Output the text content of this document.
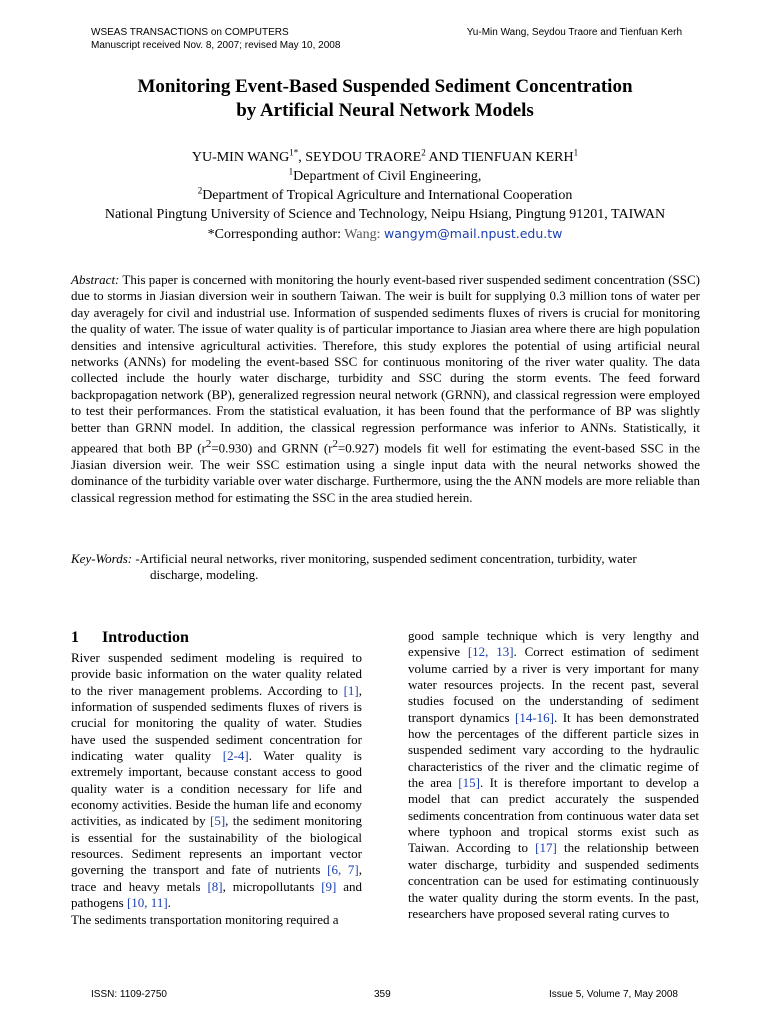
WSEAS TRANSACTIONS on COMPUTERS
Manuscript received Nov. 8, 2007; revised May 10, 2008
Yu-Min Wang, Seydou Traore and Tienfuan Kerh
Monitoring Event-Based Suspended Sediment Concentration
by Artificial Neural Network Models
YU-MIN $WANG^{1*}$, SEYDOU TRAORE$^2$ AND TIENFUAN KERH$^1$
$^1$Department of Civil Engineering,
$^2$Department of Tropical Agriculture and International Cooperation
National Pingtung University of Science and Technology, Neipu Hsiang, Pingtung 91201, TAIWAN
*Corresponding author: Wang: wangym@mail.npust.edu.tw

Abstract: This paper is concerned with monitoring the hourly event-based river suspended sediment concentration (SSC) due to storms in Jiasian diversion weir in southern Taiwan. The weir is built for supplying 0.3 million tons of water per day averagely for civil and industrial use. Information of suspended sediments fluxes of rivers is crucial for monitoring the quality of water. The issue of water quality is of particular importance to Jiasian area where there are high population densities and intensive agricultural activities. Therefore, this study explores the potential of using artificial neural networks (ANNs) for modeling the event-based SSC for continuous monitoring of the river water quality. The data collected include the hourly water discharge, turbidity and SSC during the storm events. The feed forward backpropagation network (BP), generalized regression neural network (GRNN), and classical regression were employed to test their performances. From the statistical evaluation, it has been found that the performance of BP was slightly better than GRNN model. In addition, the classical regression performance was inferior to ANNs. Statistically, it appeared that both BP $(r^2=0.930)$ and GRNN $(r^2=0.927)$ models fit well for estimating the event-based SSC in the Jiasian diversion weir. The weir SSC estimation using a single input data with the neural networks showed the dominance of the turbidity variable over water discharge. Furthermore, using the the ANN models are more reliable than classical regression method for estimating the SSC in the area studied herein.

Key-Words: -Artificial neural networks, river monitoring, suspended sediment concentration, turbidity, water
discharge, modeling.
1 Introduction

River suspended sediment modeling is required to provide basic information on the water quality related to the river management problems. According to [1], information of suspended sediments fluxes of rivers is crucial for monitoring the quality of water. Studies have used the suspended sediment concentration for indicating water quality [2-4]. Water quality is extremely important, because constant access to good quality water is a condition necessary for life and economy activities. Beside the human life and economy activities, as indicated by [5], the sediment monitoring is essential for the sustainability of the biological resources. Sediment represents an important vector governing the transport and fate of nutrients [6, 7], trace and heavy metals [8], micropollutants [9] and pathogens [10, 11].

The sediments transportation monitoring required a

good sample technique which is very lengthy and expensive [12, 13]. Correct estimation of sediment volume carried by a river is very important for many water resources projects. In the recent past, several studies focused on the understanding of sediment transport dynamics [14-16]. It has been demonstrated how the percentages of the different particle sizes in suspended sediment vary according to the hydraulic characteristics of the river and the climatic regime of the area [15]. It is therefore important to develop a model that can predict accurately the suspended sediments concentration from continuous water data set where typhoon and tropical storms exist such as Taiwan. According to [17] the relationship between water discharge, turbidity and suspended sediments concentration can be used for estimating continuously the water quality during the storm events. In the past, researchers have proposed several rating curves to

ISSN: 1109-2750	359	Issue 5, Volume 7, May 2008
